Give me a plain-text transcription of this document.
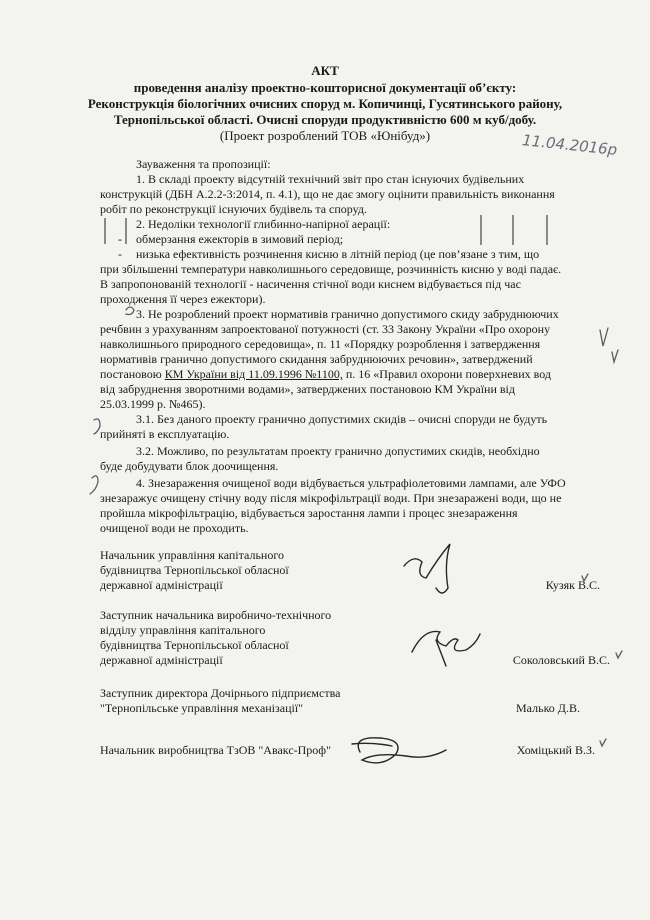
АКТ
проведення аналізу проектно-кошторисної документації об’єкту:
Реконструкція біологічних очисних споруд м. Копичинці, Гусятинського району,
Тернопільської області. Очисні споруди продуктивністю 600 м куб/добу.
(Проект розроблений ТОВ «Юнібуд»)	11.04.2016р
Зауваження та пропозиції:
1. В складі проекту відсутній технічний звіт про стан існуючих будівельних
конструкцій (ДБН А.2.2-3:2014, п. 4.1), що не дає змогу оцінити правильність виконання
робіт по реконструкції існуючих будівель та споруд.
2. Недоліки технології глибинно-напірної аерації:
- обмерзання ежекторів в зимовий період;
- низька ефективність розчинення кисню в літній період (це пов’язане з тим, що
при збільшенні температури навколишнього середовище, розчинність кисню у воді падає.
В запропонованій технології - насичення стічної води киснем відбувається під час
проходження її через ежектори).
3. Не розроблений проект нормативів гранично допустимого скиду забруднюючих
речбвин з урахуванням запроектованої потужності (ст. 33 Закону України «Про охорону
навколишнього природного середовища», п. 11 «Порядку розроблення і затвердження
нормативів гранично допустимого скидання забруднюючих речовин», затверджений
постановою КМ України від 11.09.1996 №1100, п. 16 «Правил охорони поверхневих вод
від забруднення зворотними водами», затверджених постановою КМ України від
25.03.1999 р. №465).
3.1. Без даного проекту гранично допустимих скидів – очисні споруди не будуть
прийняті в експлуатацію.
3.2. Можливо, по результатам проекту гранично допустимих скидів, необхідно
буде добудувати блок доочищення.
4. Знезараження очищеної води відбувається ультрафіолетовими лампами, але УФО
знезаражує очищену стічну воду після мікрофільтрації води. При знезаражені води, що не
пройшла мікрофільтрацію, відбувається заростання лампи і процес знезараження
очищеної води не проходить.
Начальник управління капітального
будівництва Тернопільської обласної
державної адміністрації	Кузяк В.С.
Заступник начальника виробничо-технічного
відділу управління капітального
будівництва Тернопільської обласної
державної адміністрації	Соколовський В.С.
Заступник директора Дочірнього підприємства
"Тернопільське управління механізації"	Малько Д.В.
Начальник виробництва ТзОВ "Авакс-Проф"	Хоміцький В.З.
